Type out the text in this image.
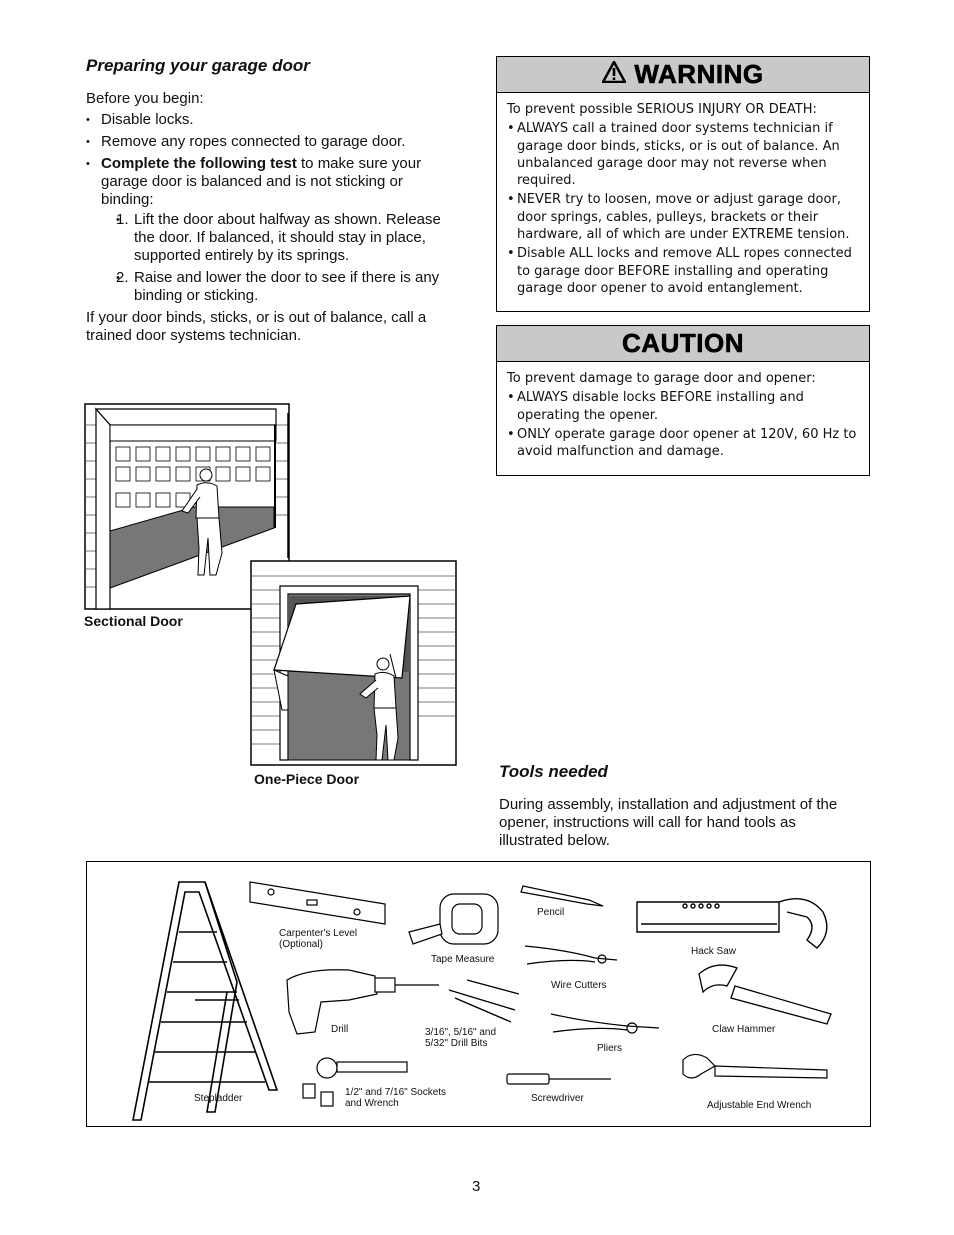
Preparing your garage door

Before you begin:

• Disable locks.
• Remove any ropes connected to garage door.
• Complete the following test to make sure your garage door is balanced and is not sticking or binding:
• 1. Lift the door about halfway as shown. Release the door. If balanced, it should stay in place, supported entirely by its springs.
• 2. Raise and lower the door to see if there is any binding or sticking.

If your door binds, sticks, or is out of balance, call a trained door systems technician.

Sectional Door
One-Piece Door
WARNING

To prevent possible SERIOUS INJURY OR DEATH:

• ALWAYS call a trained door systems technician if garage door binds, sticks, or is out of balance. An unbalanced garage door may not reverse when required.
• NEVER try to loosen, move or adjust garage door, door springs, cables, pulleys, brackets or their hardware, all of which are under EXTREME tension.
• Disable ALL locks and remove ALL ropes connected to garage door BEFORE installing and operating garage door opener to avoid entanglement.
CAUTION

To prevent damage to garage door and opener:

• ALWAYS disable locks BEFORE installing and operating the opener.
• ONLY operate garage door opener at 120V, 60 Hz to avoid malfunction and damage.
Tools needed
During assembly, installation and adjustment of the opener, instructions will call for hand tools as illustrated below.
Carpenter's Level (Optional)
Tape Measure
Pencil
Hack Saw
Wire Cutters
Drill	3/16", 5/16" and 5/32" Drill Bits	Pliers
Claw Hammer
Stepladder
1/2" and 7/16" Sockets and Wrench	Screwdriver
Adjustable End Wrench
3
